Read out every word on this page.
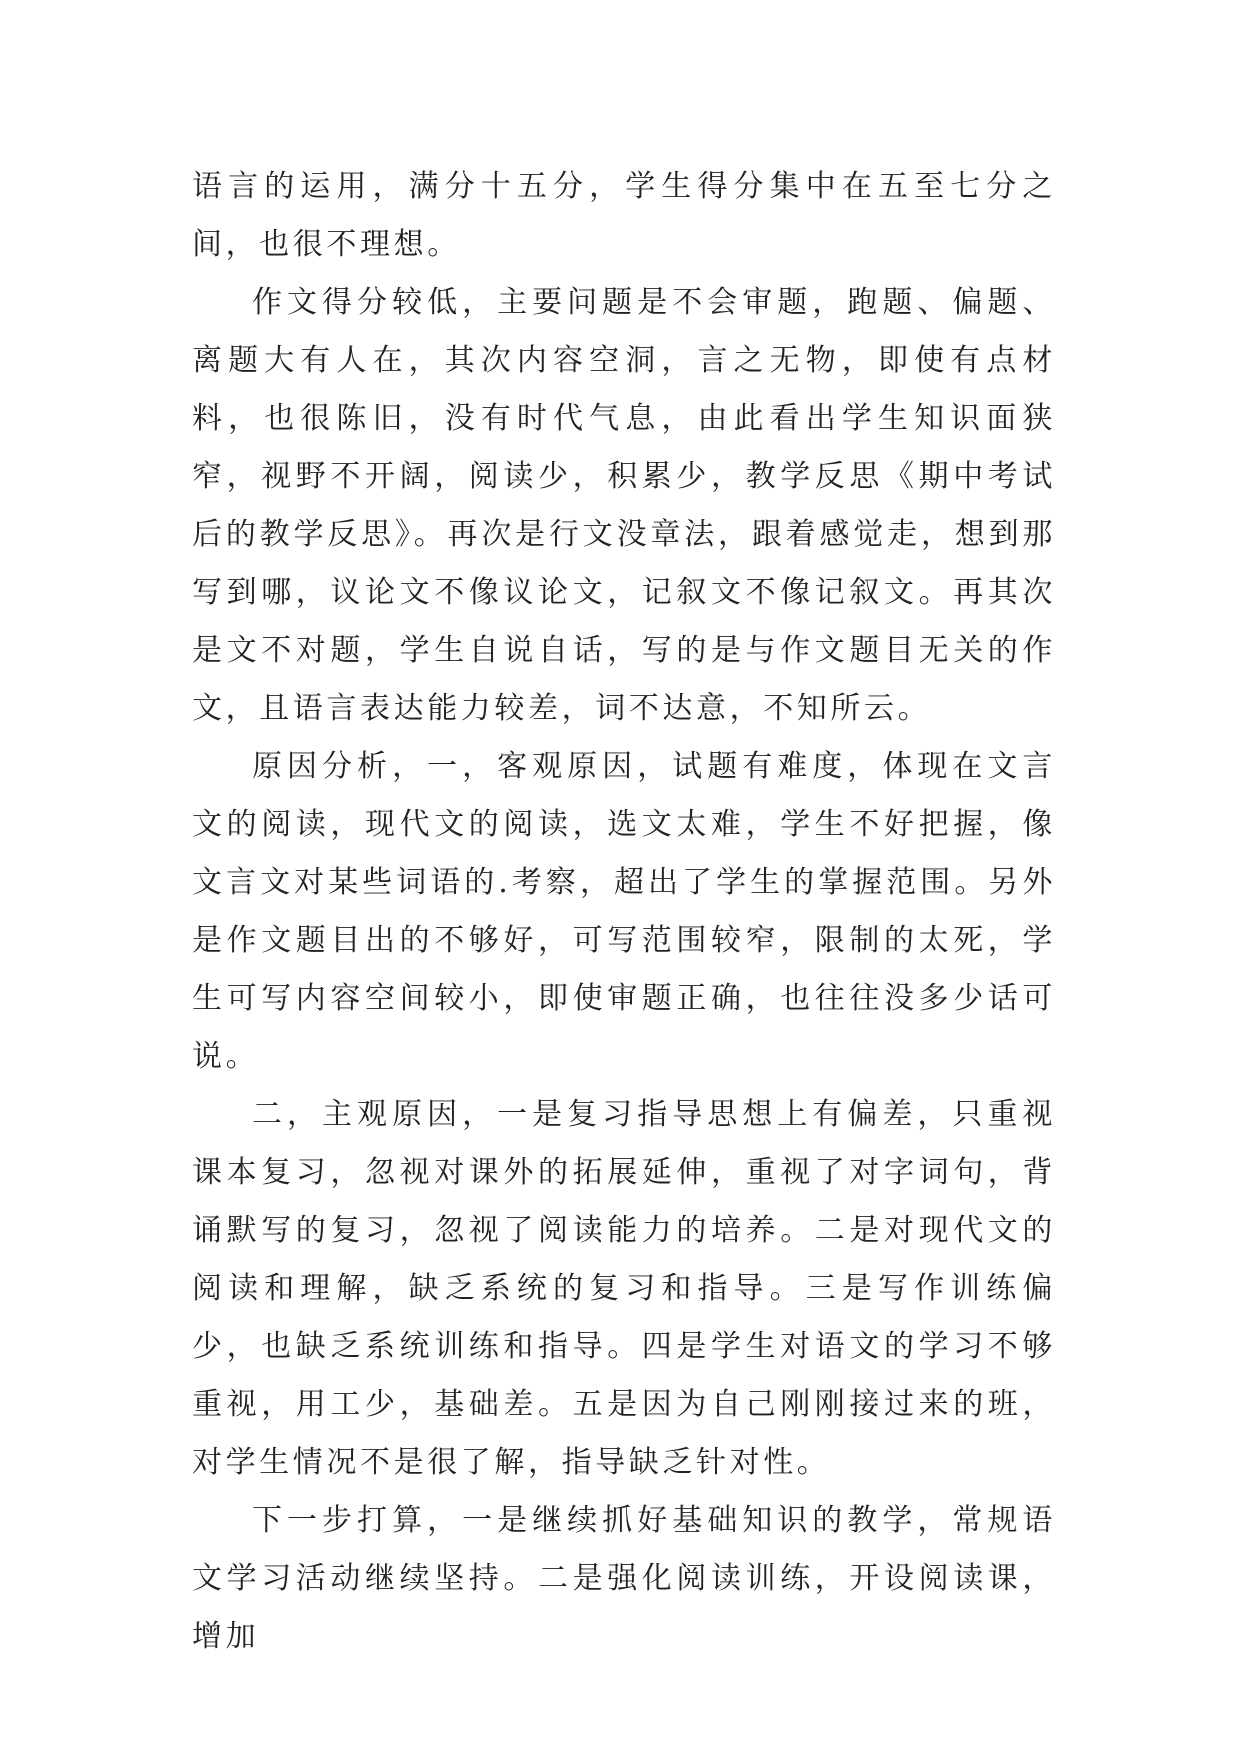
语言的运用，满分十五分，学生得分集中在五至七分之间，也很不理想。

作文得分较低，主要问题是不会审题，跑题、偏题、离题大有人在，其次内容空洞，言之无物，即使有点材料，也很陈旧，没有时代气息，由此看出学生知识面狭窄，视野不开阔，阅读少，积累少，教学反思《期中考试后的教学反思》。再次是行文没章法，跟着感觉走，想到那写到哪，议论文不像议论文，记叙文不像记叙文。再其次是文不对题，学生自说自话，写的是与作文题目无关的作文，且语言表达能力较差，词不达意，不知所云。

原因分析，一，客观原因，试题有难度，体现在文言文的阅读，现代文的阅读，选文太难，学生不好把握，像文言文对某些词语的.考察，超出了学生的掌握范围。另外是作文题目出的不够好，可写范围较窄，限制的太死，学生可写内容空间较小，即使审题正确，也往往没多少话可说。

二，主观原因，一是复习指导思想上有偏差，只重视课本复习，忽视对课外的拓展延伸，重视了对字词句，背诵默写的复习，忽视了阅读能力的培养。二是对现代文的阅读和理解，缺乏系统的复习和指导。三是写作训练偏少，也缺乏系统训练和指导。四是学生对语文的学习不够重视，用工少，基础差。五是因为自己刚刚接过来的班，对学生情况不是很了解，指导缺乏针对性。

下一步打算，一是继续抓好基础知识的教学，常规语文学习活动继续坚持。二是强化阅读训练，开设阅读课，增加
